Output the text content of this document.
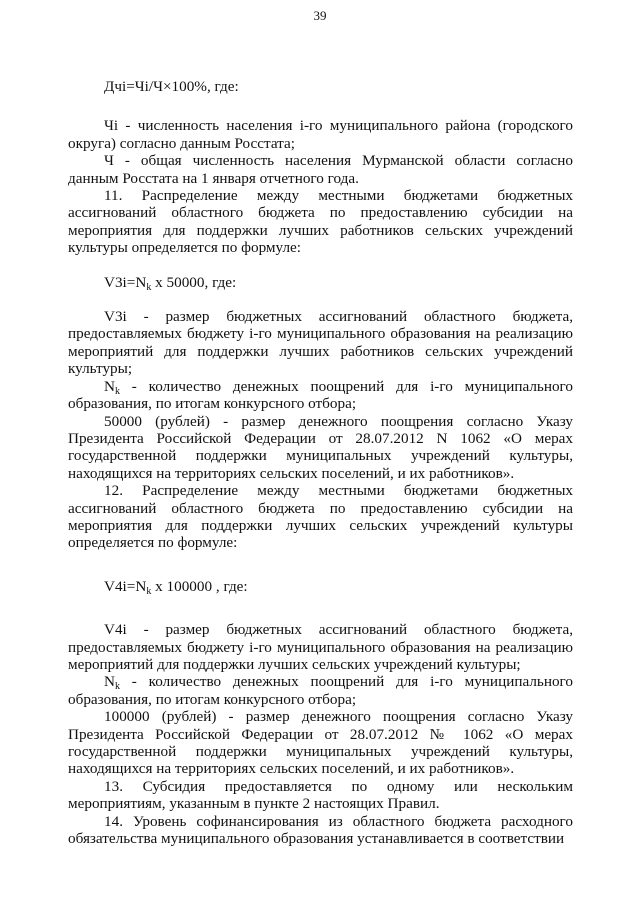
39

Дчi=Чi/Ч×100%, где:

Чi - численность населения i-го муниципального района (городского округа) согласно данным Росстата;

Ч - общая численность населения Мурманской области согласно данным Росстата на 1 января отчетного года.

11. Распределение между местными бюджетами бюджетных ассигнований областного бюджета по предоставлению субсидии на мероприятия для поддержки лучших работников сельских учреждений культуры определяется по формуле:

$V3i=N_k$ х 50000, где:

V3i - размер бюджетных ассигнований областного бюджета, предоставляемых бюджету i-го муниципального образования на реализацию мероприятий для поддержки лучших работников сельских учреждений культуры;

$N_k$ - количество денежных поощрений для i-го муниципального образования, по итогам конкурсного отбора;

50000 (рублей) - размер денежного поощрения согласно Указу Президента Российской Федерации от 28.07.2012 N 1062 «О мерах государственной поддержки муниципальных учреждений культуры, находящихся на территориях сельских поселений, и их работников».

12. Распределение между местными бюджетами бюджетных ассигнований областного бюджета по предоставлению субсидии на мероприятия для поддержки лучших сельских учреждений культуры определяется по формуле:

$V4i=N_k$ х 100000 , где:

V4i - размер бюджетных ассигнований областного бюджета, предоставляемых бюджету i-го муниципального образования на реализацию мероприятий для поддержки лучших сельских учреждений культуры;

$N_k$ - количество денежных поощрений для i-го муниципального образования, по итогам конкурсного отбора;

100000 (рублей) - размер денежного поощрения согласно Указу Президента Российской Федерации от 28.07.2012 № 1062 «О мерах государственной поддержки муниципальных учреждений культуры, находящихся на территориях сельских поселений, и их работников».

13. Субсидия предоставляется по одному или нескольким мероприятиям, указанным в пункте 2 настоящих Правил.

14. Уровень софинансирования из областного бюджета расходного обязательства муниципального образования устанавливается в соответствии
